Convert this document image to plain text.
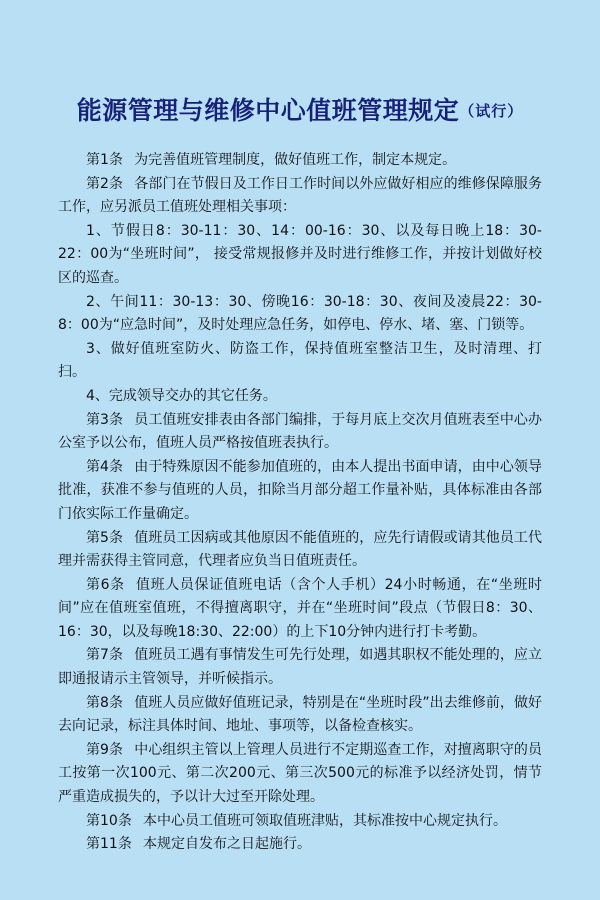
能源管理与维修中心值班管理规定（试行）

第1条 为完善值班管理制度，做好值班工作，制定本规定。

第2条 各部门在节假日及工作日工作时间以外应做好相应的维修保障服务工作，应另派员工值班处理相关事项：

1、节假日8：30-11：30、14：00-16：30、以及每日晚上18：30-22：00为“坐班时间”， 接受常规报修并及时进行维修工作，并按计划做好校区的巡查。

2、午间11：30-13：30、傍晚16：30-18：30、夜间及凌晨22：30-8：00为“应急时间”，及时处理应急任务，如停电、停水、堵、塞、门锁等。

3、做好值班室防火、防盗工作，保持值班室整洁卫生，及时清理、打扫。

4、完成领导交办的其它任务。

第3条 员工值班安排表由各部门编排，于每月底上交次月值班表至中心办公室予以公布，值班人员严格按值班表执行。

第4条 由于特殊原因不能参加值班的，由本人提出书面申请，由中心领导批准，获准不参与值班的人员，扣除当月部分超工作量补贴，具体标准由各部门依实际工作量确定。

第5条 值班员工因病或其他原因不能值班的，应先行请假或请其他员工代理并需获得主管同意，代理者应负当日值班责任。

第6条 值班人员保证值班电话（含个人手机）24小时畅通，在“坐班时间”应在值班室值班，不得擅离职守，并在“坐班时间”段点（节假日8：30、16：30，以及每晚18:30、22:00）的上下10分钟内进行打卡考勤。

第7条 值班员工遇有事情发生可先行处理，如遇其职权不能处理的，应立即通报请示主管领导，并听候指示。

第8条 值班人员应做好值班记录，特别是在“坐班时段”出去维修前，做好去向记录，标注具体时间、地址、事项等，以备检查核实。

第9条 中心组织主管以上管理人员进行不定期巡查工作，对擅离职守的员工按第一次100元、第二次200元、第三次500元的标准予以经济处罚，情节严重造成损失的，予以计大过至开除处理。

第10条 本中心员工值班可领取值班津贴，其标准按中心规定执行。

第11条 本规定自发布之日起施行。
